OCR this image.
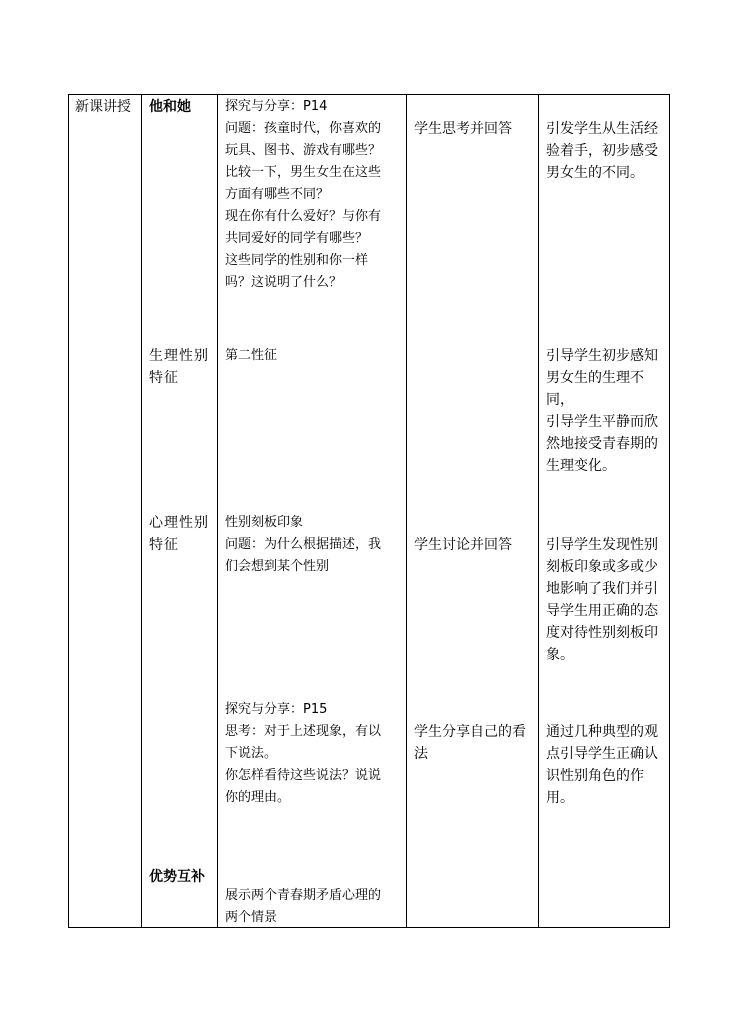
新课讲授	他和她
生理性别
特征
心理性别
特征
优势互补
探究与分享：P14
问题：孩童时代，你喜欢的
玩具、图书、游戏有哪些？
比较一下，男生女生在这些
方面有哪些不同？
现在你有什么爱好？与你有
共同爱好的同学有哪些？
这些同学的性别和你一样
吗？这说明了什么？
第二性征
性别刻板印象
问题：为什么根据描述，我
们会想到某个性别
探究与分享：P15
思考：对于上述现象，有以
下说法。
你怎样看待这些说法？说说
你的理由。
展示两个青春期矛盾心理的
两个情景
学生思考并回答
学生讨论并回答
学生分享自己的看
法
引发学生从生活经
验着手，初步感受
男女生的不同。
引导学生初步感知
男女生的生理不同，
引导学生平静而欣
然地接受青春期的
生理变化。
引导学生发现性别
刻板印象或多或少
地影响了我们并引
导学生用正确的态
度对待性别刻板印
象。
通过几种典型的观
点引导学生正确认
识性别角色的作用。
